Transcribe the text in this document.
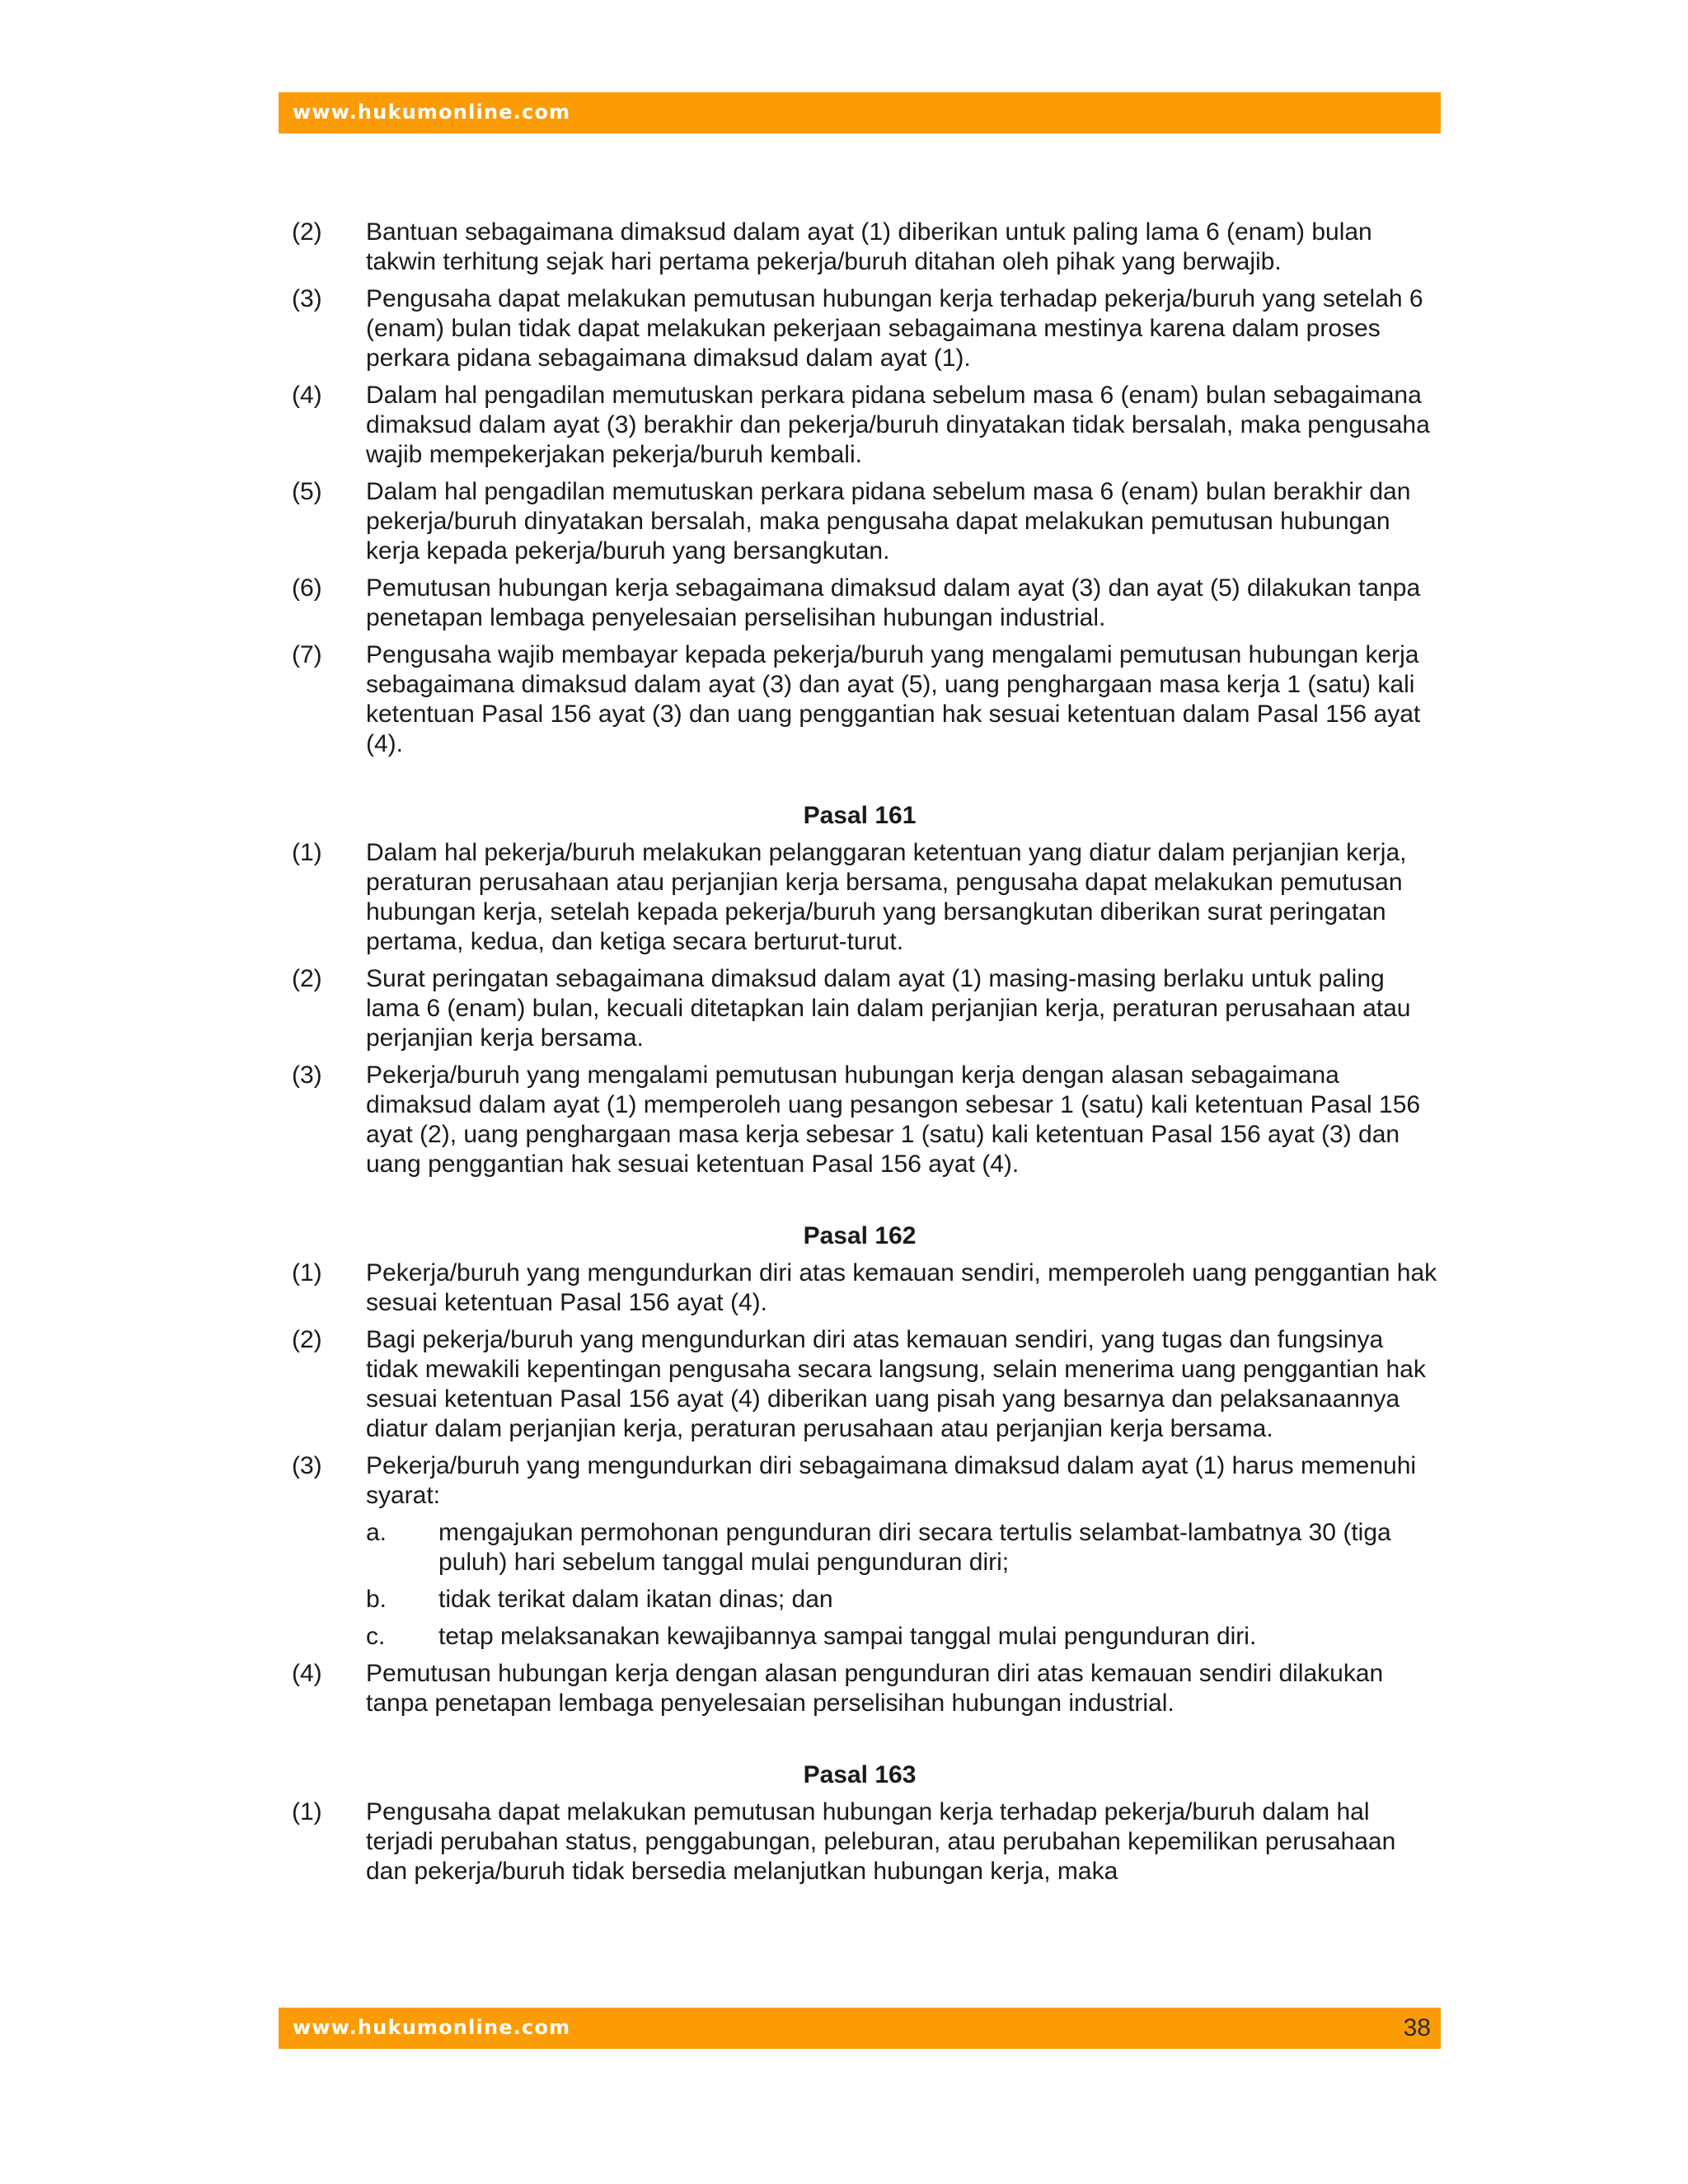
www.hukumonline.com
(2) Bantuan sebagaimana dimaksud dalam ayat (1) diberikan untuk paling lama 6 (enam) bulan takwin terhitung sejak hari pertama pekerja/buruh ditahan oleh pihak yang berwajib.
(3) Pengusaha dapat melakukan pemutusan hubungan kerja terhadap pekerja/buruh yang setelah 6 (enam) bulan tidak dapat melakukan pekerjaan sebagaimana mestinya karena dalam proses perkara pidana sebagaimana dimaksud dalam ayat (1).
(4) Dalam hal pengadilan memutuskan perkara pidana sebelum masa 6 (enam) bulan sebagaimana dimaksud dalam ayat (3) berakhir dan pekerja/buruh dinyatakan tidak bersalah, maka pengusaha wajib mempekerjakan pekerja/buruh kembali.
(5) Dalam hal pengadilan memutuskan perkara pidana sebelum masa 6 (enam) bulan berakhir dan pekerja/buruh dinyatakan bersalah, maka pengusaha dapat melakukan pemutusan hubungan kerja kepada pekerja/buruh yang bersangkutan.
(6) Pemutusan hubungan kerja sebagaimana dimaksud dalam ayat (3) dan ayat (5) dilakukan tanpa penetapan lembaga penyelesaian perselisihan hubungan industrial.
(7) Pengusaha wajib membayar kepada pekerja/buruh yang mengalami pemutusan hubungan kerja sebagaimana dimaksud dalam ayat (3) dan ayat (5), uang penghargaan masa kerja 1 (satu) kali ketentuan Pasal 156 ayat (3) dan uang penggantian hak sesuai ketentuan dalam Pasal 156 ayat (4).
Pasal 161
(1) Dalam hal pekerja/buruh melakukan pelanggaran ketentuan yang diatur dalam perjanjian kerja, peraturan perusahaan atau perjanjian kerja bersama, pengusaha dapat melakukan pemutusan hubungan kerja, setelah kepada pekerja/buruh yang bersangkutan diberikan surat peringatan pertama, kedua, dan ketiga secara berturut-turut.
(2) Surat peringatan sebagaimana dimaksud dalam ayat (1) masing-masing berlaku untuk paling lama 6 (enam) bulan, kecuali ditetapkan lain dalam perjanjian kerja, peraturan perusahaan atau perjanjian kerja bersama.
(3) Pekerja/buruh yang mengalami pemutusan hubungan kerja dengan alasan sebagaimana dimaksud dalam ayat (1) memperoleh uang pesangon sebesar 1 (satu) kali ketentuan Pasal 156 ayat (2), uang penghargaan masa kerja sebesar 1 (satu) kali ketentuan Pasal 156 ayat (3) dan uang penggantian hak sesuai ketentuan Pasal 156 ayat (4).
Pasal 162
(1) Pekerja/buruh yang mengundurkan diri atas kemauan sendiri, memperoleh uang penggantian hak sesuai ketentuan Pasal 156 ayat (4).
(2) Bagi pekerja/buruh yang mengundurkan diri atas kemauan sendiri, yang tugas dan fungsinya tidak mewakili kepentingan pengusaha secara langsung, selain menerima uang penggantian hak sesuai ketentuan Pasal 156 ayat (4) diberikan uang pisah yang besarnya dan pelaksanaannya diatur dalam perjanjian kerja, peraturan perusahaan atau perjanjian kerja bersama.
(3) Pekerja/buruh yang mengundurkan diri sebagaimana dimaksud dalam ayat (1) harus memenuhi syarat:
a. mengajukan permohonan pengunduran diri secara tertulis selambat-lambatnya 30 (tiga puluh) hari sebelum tanggal mulai pengunduran diri;
b. tidak terikat dalam ikatan dinas; dan
c. tetap melaksanakan kewajibannya sampai tanggal mulai pengunduran diri.
(4) Pemutusan hubungan kerja dengan alasan pengunduran diri atas kemauan sendiri dilakukan tanpa penetapan lembaga penyelesaian perselisihan hubungan industrial.
Pasal 163
(1) Pengusaha dapat melakukan pemutusan hubungan kerja terhadap pekerja/buruh dalam hal terjadi perubahan status, penggabungan, peleburan, atau perubahan kepemilikan perusahaan dan pekerja/buruh tidak bersedia melanjutkan hubungan kerja, maka
www.hukumonline.com	38
